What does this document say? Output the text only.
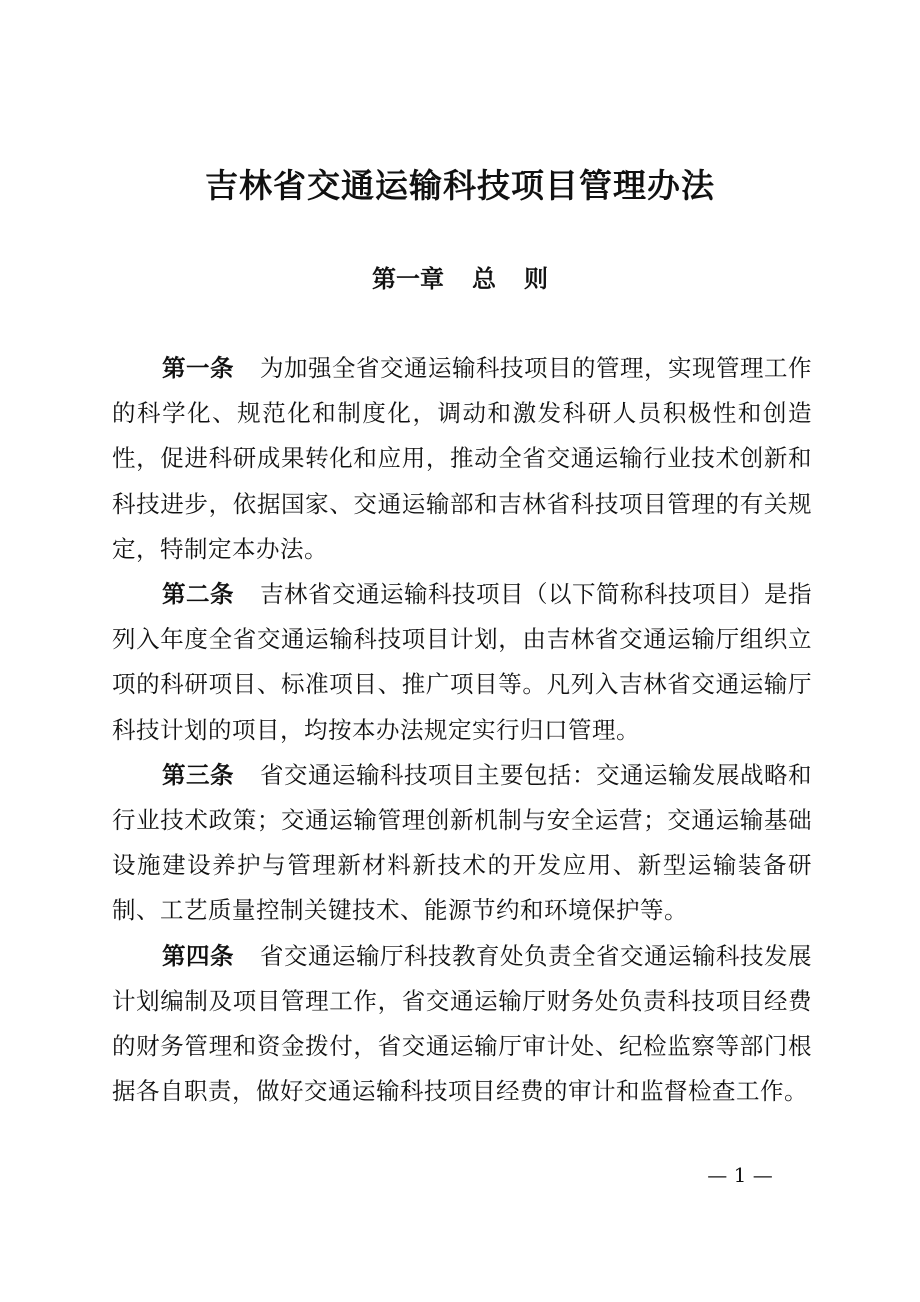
吉林省交通运输科技项目管理办法
第一章 总 则

第一条 为加强全省交通运输科技项目的管理，实现管理工作的科学化、规范化和制度化，调动和激发科研人员积极性和创造性，促进科研成果转化和应用，推动全省交通运输行业技术创新和科技进步，依据国家、交通运输部和吉林省科技项目管理的有关规定，特制定本办法。

第二条 吉林省交通运输科技项目（以下简称科技项目）是指列入年度全省交通运输科技项目计划，由吉林省交通运输厅组织立项的科研项目、标准项目、推广项目等。凡列入吉林省交通运输厅科技计划的项目，均按本办法规定实行归口管理。

第三条 省交通运输科技项目主要包括：交通运输发展战略和行业技术政策；交通运输管理创新机制与安全运营；交通运输基础设施建设养护与管理新材料新技术的开发应用、新型运输装备研制、工艺质量控制关键技术、能源节约和环境保护等。

第四条 省交通运输厅科技教育处负责全省交通运输科技发展计划编制及项目管理工作，省交通运输厅财务处负责科技项目经费的财务管理和资金拨付，省交通运输厅审计处、纪检监察等部门根据各自职责，做好交通运输科技项目经费的审计和监督检查工作。

— 1 —
